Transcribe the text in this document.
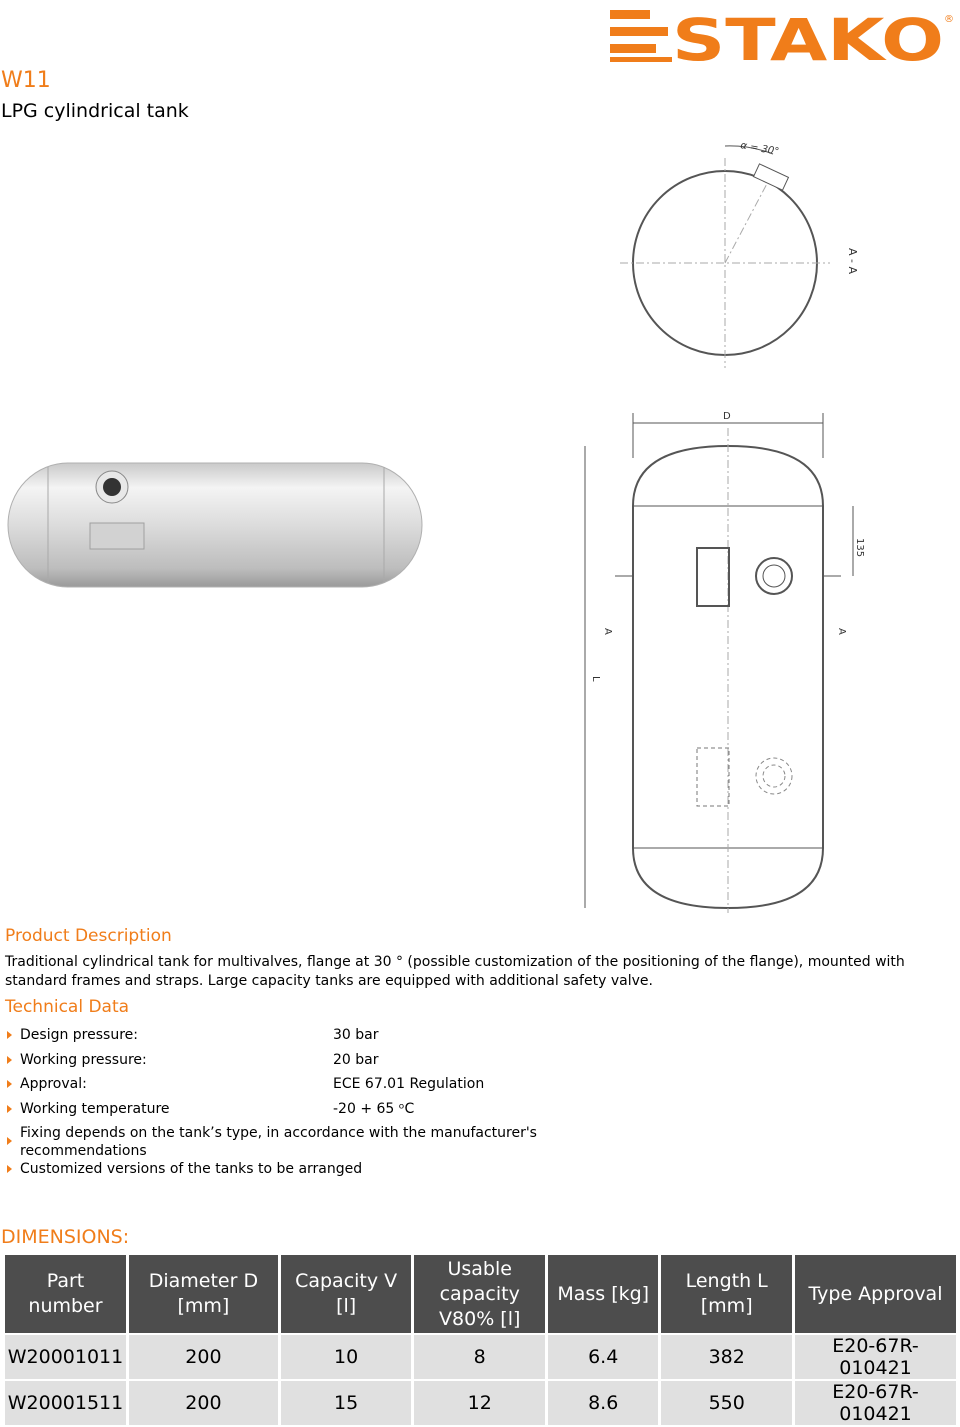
STAKO ®
W11
LPG cylindrical tank
α = 30°
A - A
D
L
135
A	A
Product Description
Traditional cylindrical tank for multivalves, flange at 30 ° (possible customization of the positioning of the flange), mounted with standard frames and straps. Large capacity tanks are equipped with additional safety valve.
Technical Data
Design pressure:	30 bar
Working pressure:	20 bar
Approval:	ECE 67.01 Regulation
Working temperature	-20 + 65 ᵒC
Fixing depends on the tank’s type, in accordance with the manufacturer's recommendations
Customized versions of the tanks to be arranged
DIMENSIONS:
Part number	Diameter D [mm]	Capacity V [l]	Usable capacity V80% [l]	Mass [kg]	Length L [mm]	Type Approval
W20001011	200	10	8	6.4	382	E20-67R-010421
W20001511	200	15	12	8.6	550	E20-67R-010421
